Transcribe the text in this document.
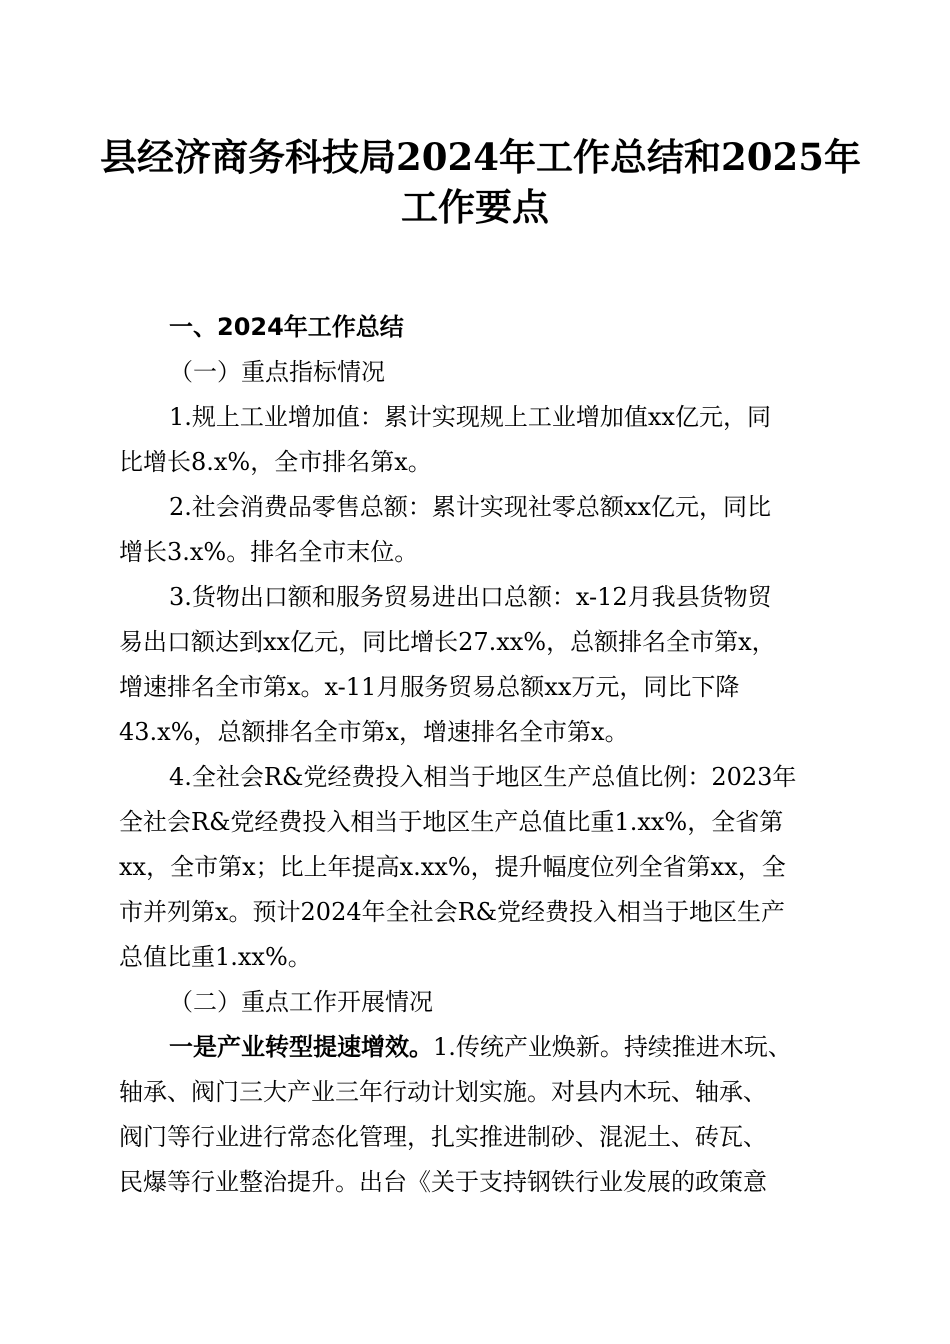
县经济商务科技局2024年工作总结和2025年
工作要点
一、2024年工作总结
（一）重点指标情况
1.规上工业增加值：累计实现规上工业增加值xx亿元，同
比增长8.x%，全市排名第x。
2.社会消费品零售总额：累计实现社零总额xx亿元，同比
增长3.x%。排名全市末位。
3.货物出口额和服务贸易进出口总额：x-12月我县货物贸
易出口额达到xx亿元，同比增长27.xx%，总额排名全市第x，
增速排名全市第x。x-11月服务贸易总额xx万元，同比下降
43.x%，总额排名全市第x，增速排名全市第x。
4.全社会R&党经费投入相当于地区生产总值比例：2023年
全社会R&党经费投入相当于地区生产总值比重1.xx%，全省第
xx，全市第x；比上年提高x.xx%，提升幅度位列全省第xx，全
市并列第x。预计2024年全社会R&党经费投入相当于地区生产
总值比重1.xx%。
（二）重点工作开展情况
一是产业转型提速增效。1.传统产业焕新。持续推进木玩、
轴承、阀门三大产业三年行动计划实施。对县内木玩、轴承、
阀门等行业进行常态化管理，扎实推进制砂、混泥土、砖瓦、
民爆等行业整治提升。出台《关于支持钢铁行业发展的政策意
